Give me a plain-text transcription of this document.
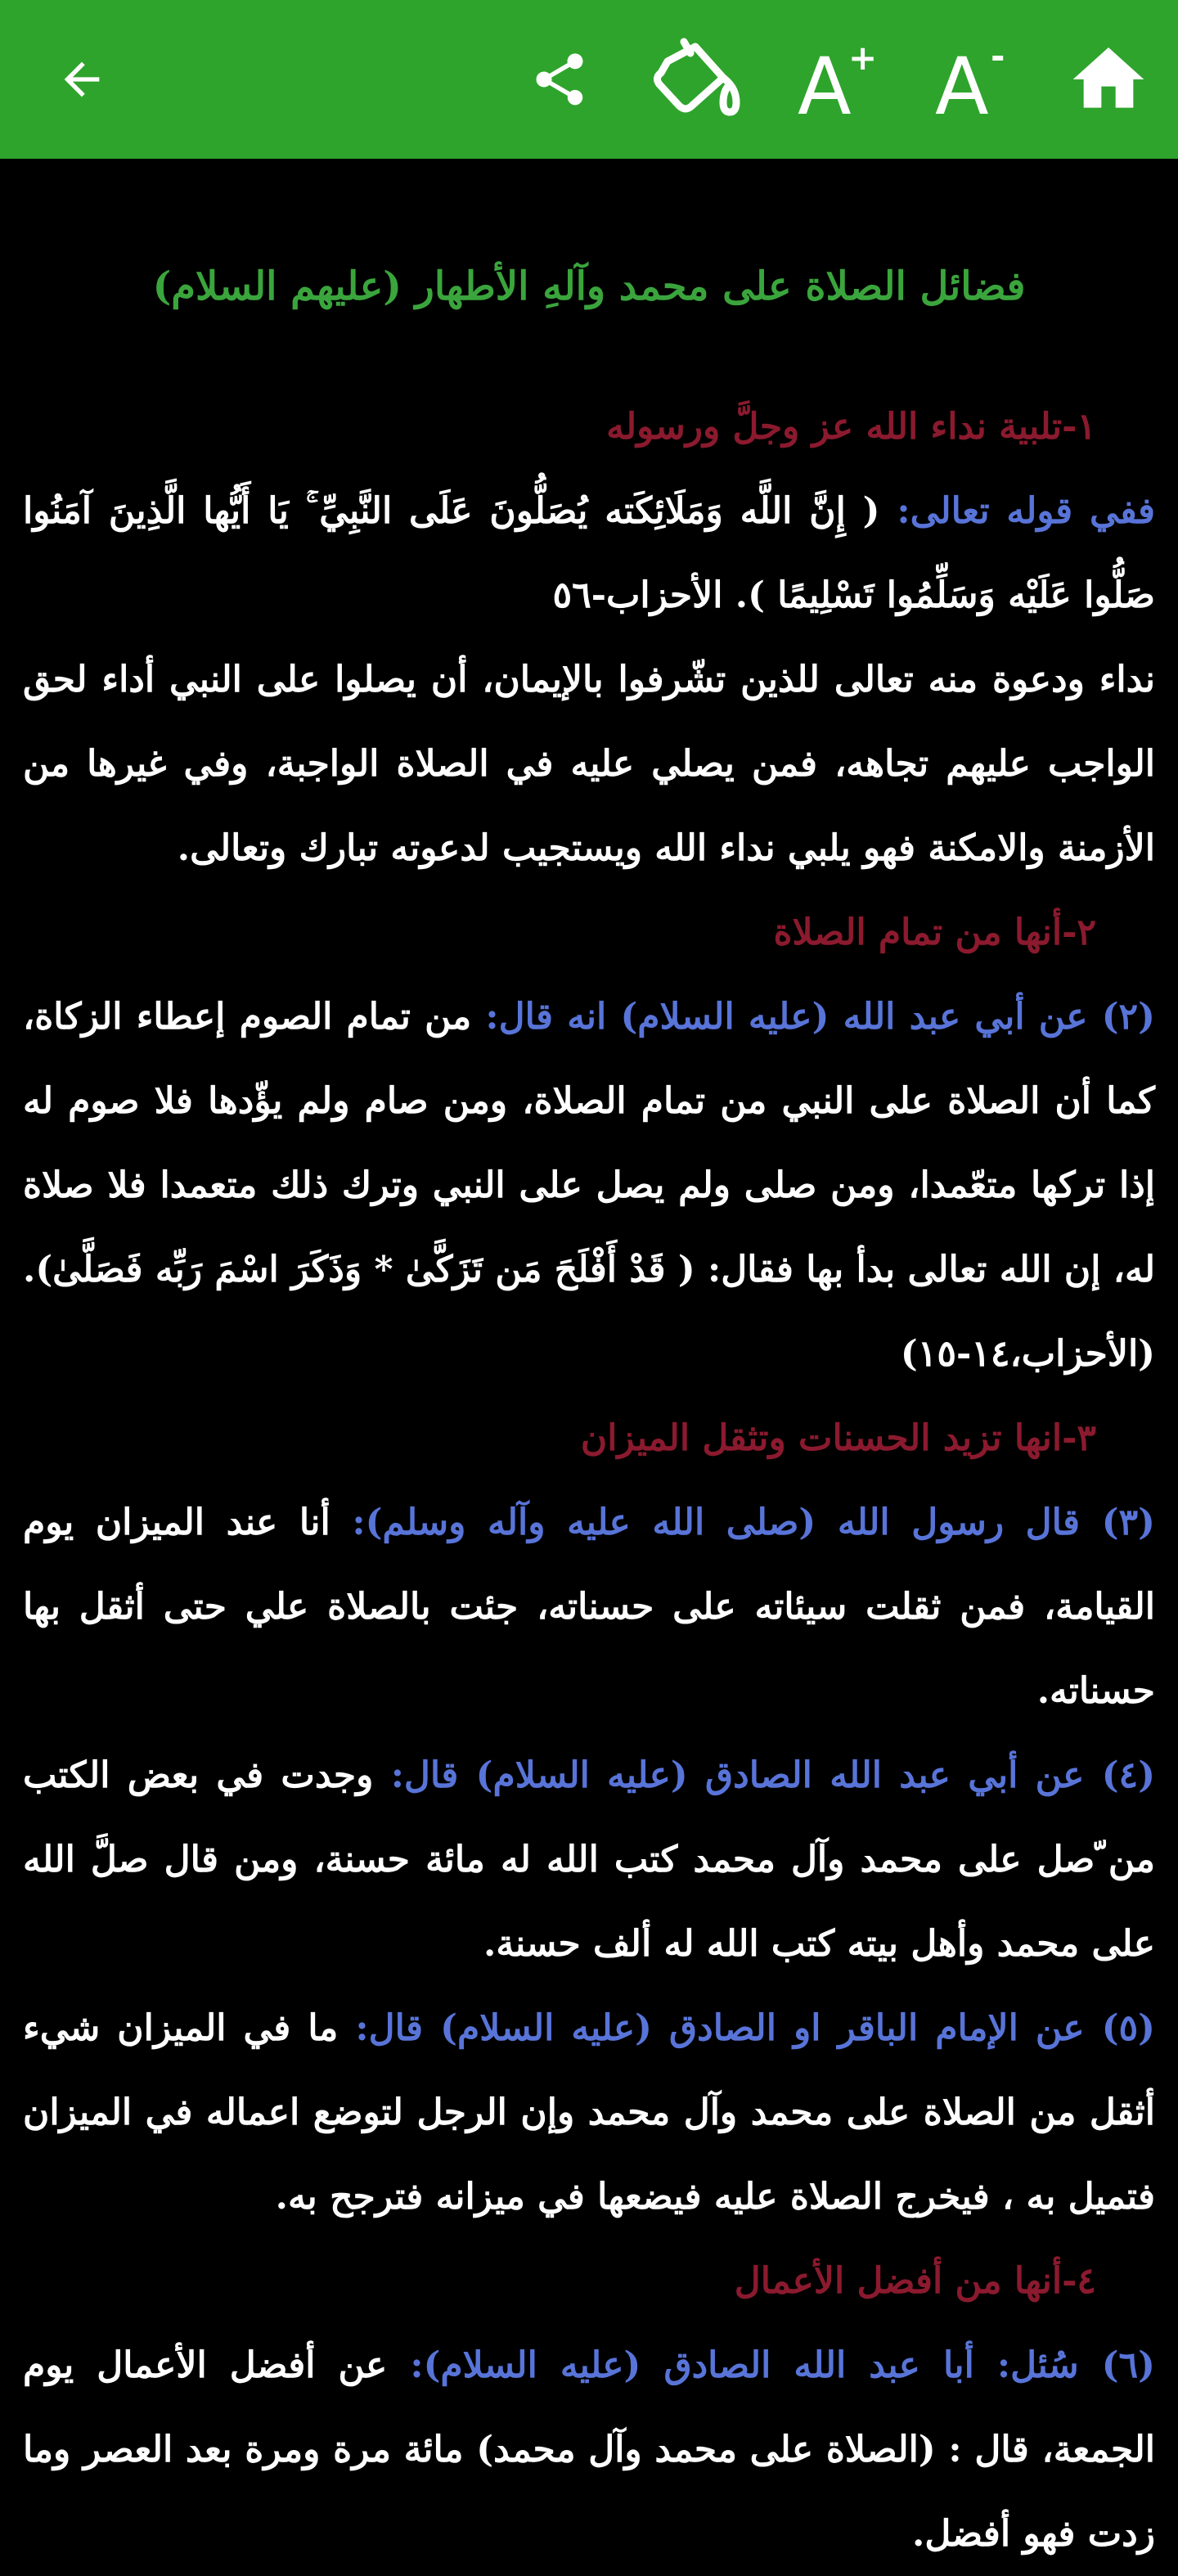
A
+ A -

فضائل الصلاة على محمد وآلهِ الأطهار (عليهم السلام)

١-تلبية نداء الله عز وجلَّ ورسوله

ففي قوله تعالى: ( إِنَّ اللَّه وَمَلَائِكَته يُصَلُّونَ عَلَى النَّبِيِّ ۚ يَا أَيُّها الَّذِينَ آمَنُوا صَلُّوا عَلَيْه وَسَلِّمُوا تَسْلِيمًا ). الأحزاب-٥٦

نداء ودعوة منه تعالى للذين تشّرفوا بالإيمان، أن يصلوا على النبي أداء لحق الواجب عليهم تجاهه، فمن يصلي عليه في الصلاة الواجبة، وفي غيرها من الأزمنة والامكنة فهو يلبي نداء الله ويستجيب لدعوته تبارك وتعالى.

٢-أنها من تمام الصلاة

(٢) عن أبي عبد الله (عليه السلام) انه قال: من تمام الصوم إعطاء الزكاة، كما أن الصلاة على النبي من تمام الصلاة، ومن صام ولم يؤّدها فلا صوم له إذا تركها متعّمدا، ومن صلى ولم يصل على النبي وترك ذلك متعمدا فلا صلاة له، إن الله تعالى بدأ بها فقال: ( قَدْ أَفْلَحَ مَن تَزَكَّىٰ * وَذَكَرَ اسْمَ رَبِّه فَصَلَّىٰ). (الأحزاب،١٤-١٥)

٣-انها تزيد الحسنات وتثقل الميزان

(٣) قال رسول الله (صلى الله عليه وآله وسلم): أنا عند الميزان يوم القيامة، فمن ثقلت سيئاته على حسناته، جئت بالصلاة علي حتى أثقل بها حسناته.

(٤) عن أبي عبد الله الصادق (عليه السلام) قال: وجدت في بعض الكتب من ّصل على محمد وآل محمد كتب الله له مائة حسنة، ومن قال صلَّ الله على محمد وأهل بيته كتب الله له ألف حسنة.

(٥) عن الإمام الباقر او الصادق (عليه السلام) قال: ما في الميزان شيء أثقل من الصلاة على محمد وآل محمد وإن الرجل لتوضع اعماله في الميزان فتميل به ، فيخرج الصلاة عليه فيضعها في ميزانه فترجح به.

٤-أنها من أفضل الأعمال

(٦) سُئل: أبا عبد الله الصادق (عليه السلام): عن أفضل الأعمال يوم الجمعة، قال : (الصلاة على محمد وآل محمد) مائة مرة ومرة بعد العصر وما زدت فهو أفضل.
